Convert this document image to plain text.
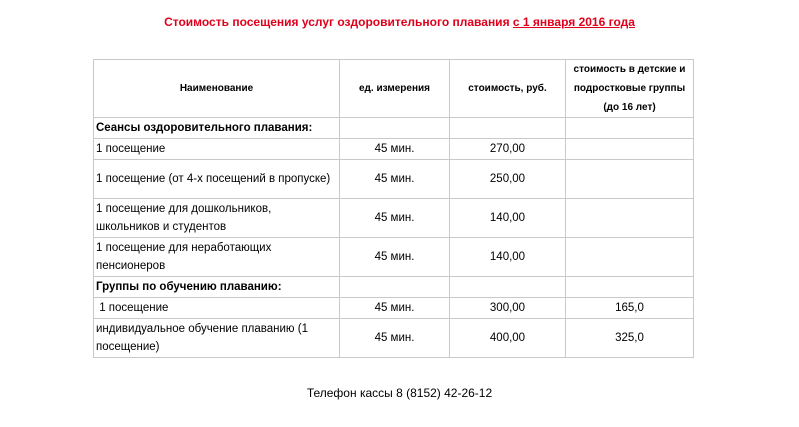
Стоимость посещения услуг оздоровительного плавания с 1 января 2016 года
Наименование	ед. измерения	стоимость, руб.	стоимость в детские и подростковые группы (до 16 лет)
Сеансы оздоровительного плавания:			
1 посещение	45 мин.	270,00	
1 посещение (от 4-х посещений в пропуске)	45 мин.	250,00	
1 посещение для дошкольников, школьников и студентов	45 мин.	140,00	
1 посещение для неработающих пенсионеров	45 мин.	140,00	
Группы по обучению плаванию:			
1 посещение	45 мин.	300,00	165,0
индивидуальное обучение плаванию (1 посещение)	45 мин.	400,00	325,0
Телефон кассы 8 (8152) 42-26-12
